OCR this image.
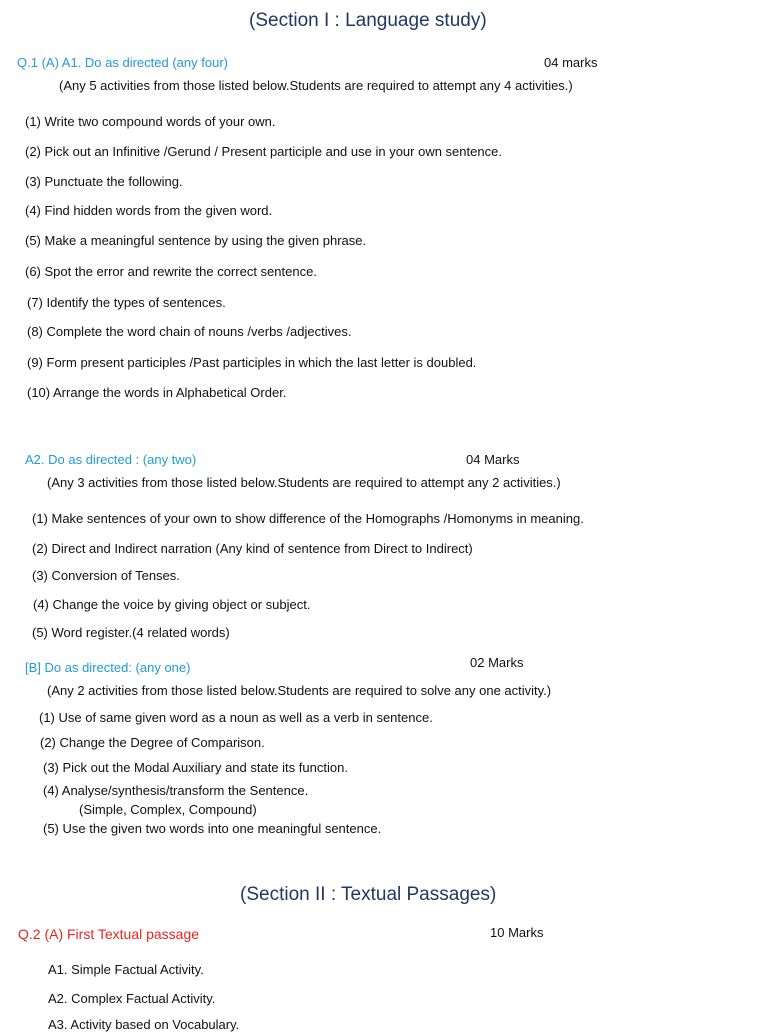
(Section I : Language study)
Q.1 (A) A1. Do as directed (any four)	04 marks
(Any 5 activities from those listed below.Students are required to attempt any 4 activities.)
(1) Write two compound words of your own.
(2) Pick out an Infinitive /Gerund / Present participle and use in your own sentence.
(3) Punctuate the following.
(4) Find hidden words from the given word.
(5) Make a meaningful sentence by using the given phrase.
(6) Spot the error and rewrite the correct sentence.
(7) Identify the types of sentences.
(8) Complete the word chain of nouns /verbs /adjectives.
(9) Form present participles /Past participles in which the last letter is doubled.
(10) Arrange the words in Alphabetical Order.
A2. Do as directed : (any two)	04 Marks
(Any 3 activities from those listed below.Students are required to attempt any 2 activities.)
(1) Make sentences of your own to show difference of the Homographs /Homonyms in meaning.
(2) Direct and Indirect narration (Any kind of sentence from Direct to Indirect)
(3) Conversion of Tenses.
(4) Change the voice by giving object or subject.
(5) Word register.(4 related words)
[B] Do as directed: (any one)	02 Marks
(Any 2 activities from those listed below.Students are required to solve any one activity.)
(1) Use of same given word as a noun as well as a verb in sentence.
(2) Change the Degree of Comparison.
(3) Pick out the Modal Auxiliary and state its function.
(4) Analyse/synthesis/transform the Sentence.
(Simple, Complex, Compound)
(5) Use the given two words into one meaningful sentence.
(Section II : Textual Passages)
Q.2 (A) First Textual passage	10 Marks
A1. Simple Factual Activity.
A2. Complex Factual Activity.
A3. Activity based on Vocabulary.
